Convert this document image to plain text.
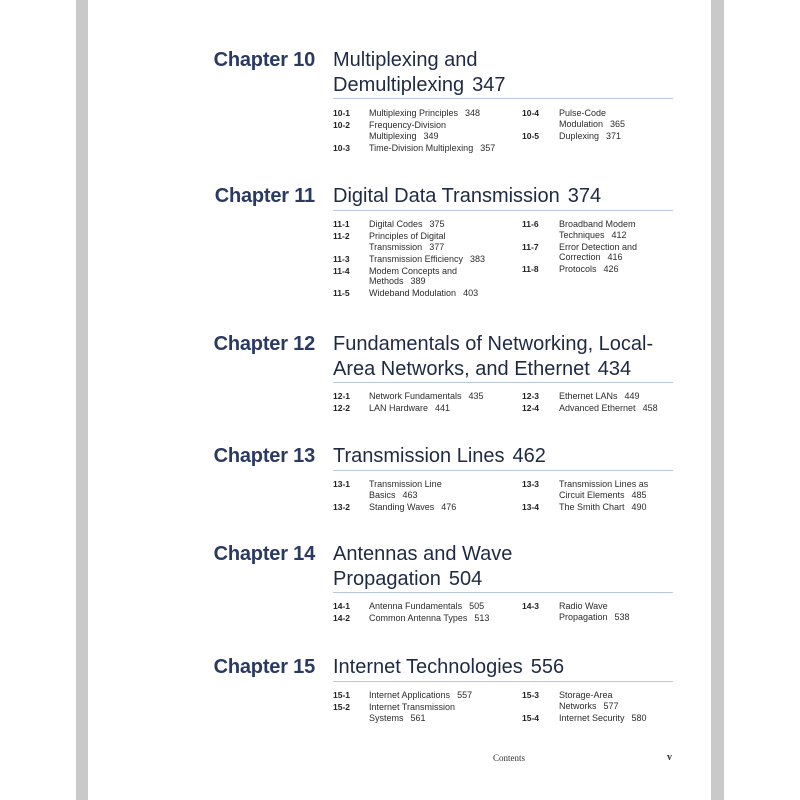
Chapter 10 Multiplexing and Demultiplexing 347
10-1 Multiplexing Principles 348
10-2 Frequency-Division Multiplexing 349
10-3 Time-Division Multiplexing 357
10-4 Pulse-Code Modulation 365
10-5 Duplexing 371
Chapter 11 Digital Data Transmission 374
11-1 Digital Codes 375
11-2 Principles of Digital Transmission 377
11-3 Transmission Efficiency 383
11-4 Modem Concepts and Methods 389
11-5 Wideband Modulation 403
11-6 Broadband Modem Techniques 412
11-7 Error Detection and Correction 416
11-8 Protocols 426
Chapter 12 Fundamentals of Networking, Local-Area Networks, and Ethernet 434
12-1 Network Fundamentals 435
12-2 LAN Hardware 441
12-3 Ethernet LANs 449
12-4 Advanced Ethernet 458
Chapter 13 Transmission Lines 462
13-1 Transmission Line Basics 463
13-2 Standing Waves 476
13-3 Transmission Lines as Circuit Elements 485
13-4 The Smith Chart 490
Chapter 14 Antennas and Wave Propagation 504
14-1 Antenna Fundamentals 505
14-2 Common Antenna Types 513
14-3 Radio Wave Propagation 538
Chapter 15 Internet Technologies 556
15-1 Internet Applications 557
15-2 Internet Transmission Systems 561
15-3 Storage-Area Networks 577
15-4 Internet Security 580
Contents	v
